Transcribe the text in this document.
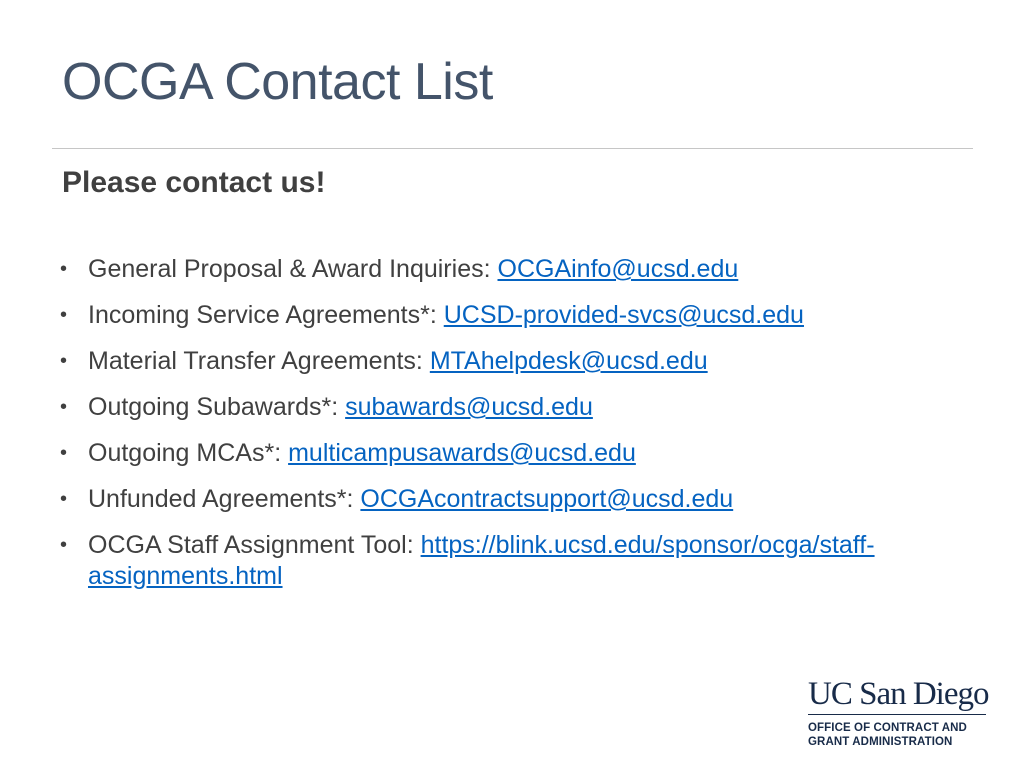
OCGA Contact List
Please contact us!
• General Proposal & Award Inquiries: OCGAinfo@ucsd.edu
• Incoming Service Agreements*: UCSD-provided-svcs@ucsd.edu
• Material Transfer Agreements: MTAhelpdesk@ucsd.edu
• Outgoing Subawards*: subawards@ucsd.edu
• Outgoing MCAs*: multicampusawards@ucsd.edu
• Unfunded Agreements*: OCGAcontractsupport@ucsd.edu
• OCGA Staff Assignment Tool: https://blink.ucsd.edu/sponsor/ocga/staff-assignments.html
UC San Diego
OFFICE OF CONTRACT AND
GRANT ADMINISTRATION
